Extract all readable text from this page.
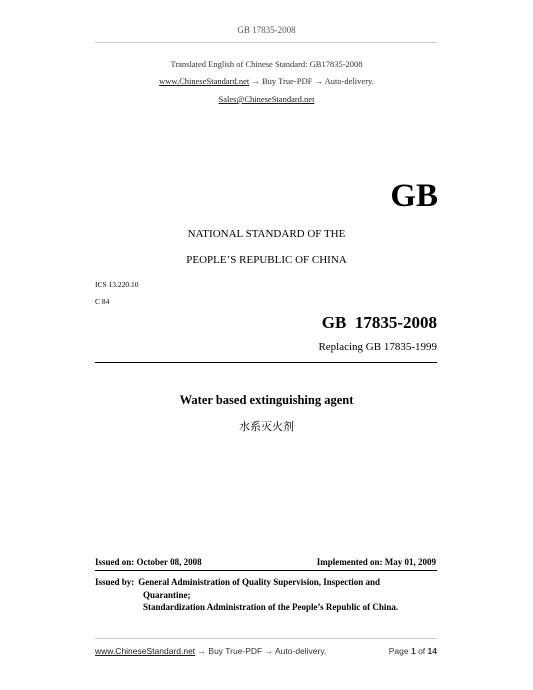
GB 17835-2008
Translated English of Chinese Standard: GB17835-2008
www.ChineseStandard.net → Buy True-PDF → Auto-delivery.
Sales@ChineseStandard.net
GB
NATIONAL STANDARD OF THE
PEOPLE’S REPUBLIC OF CHINA
ICS 13.220.10
C 84
GB  17835-2008
Replacing GB 17835-1999
Water based extinguishing agent
水系灭火剂
Issued on: October 08, 2008	Implemented on: May 01, 2009
Issued by: General Administration of Quality Supervision, Inspection and
Quarantine;
Standardization Administration of the People’s Republic of China.
www.ChineseStandard.net → Buy True-PDF → Auto-delivery.	Page 1 of 14
